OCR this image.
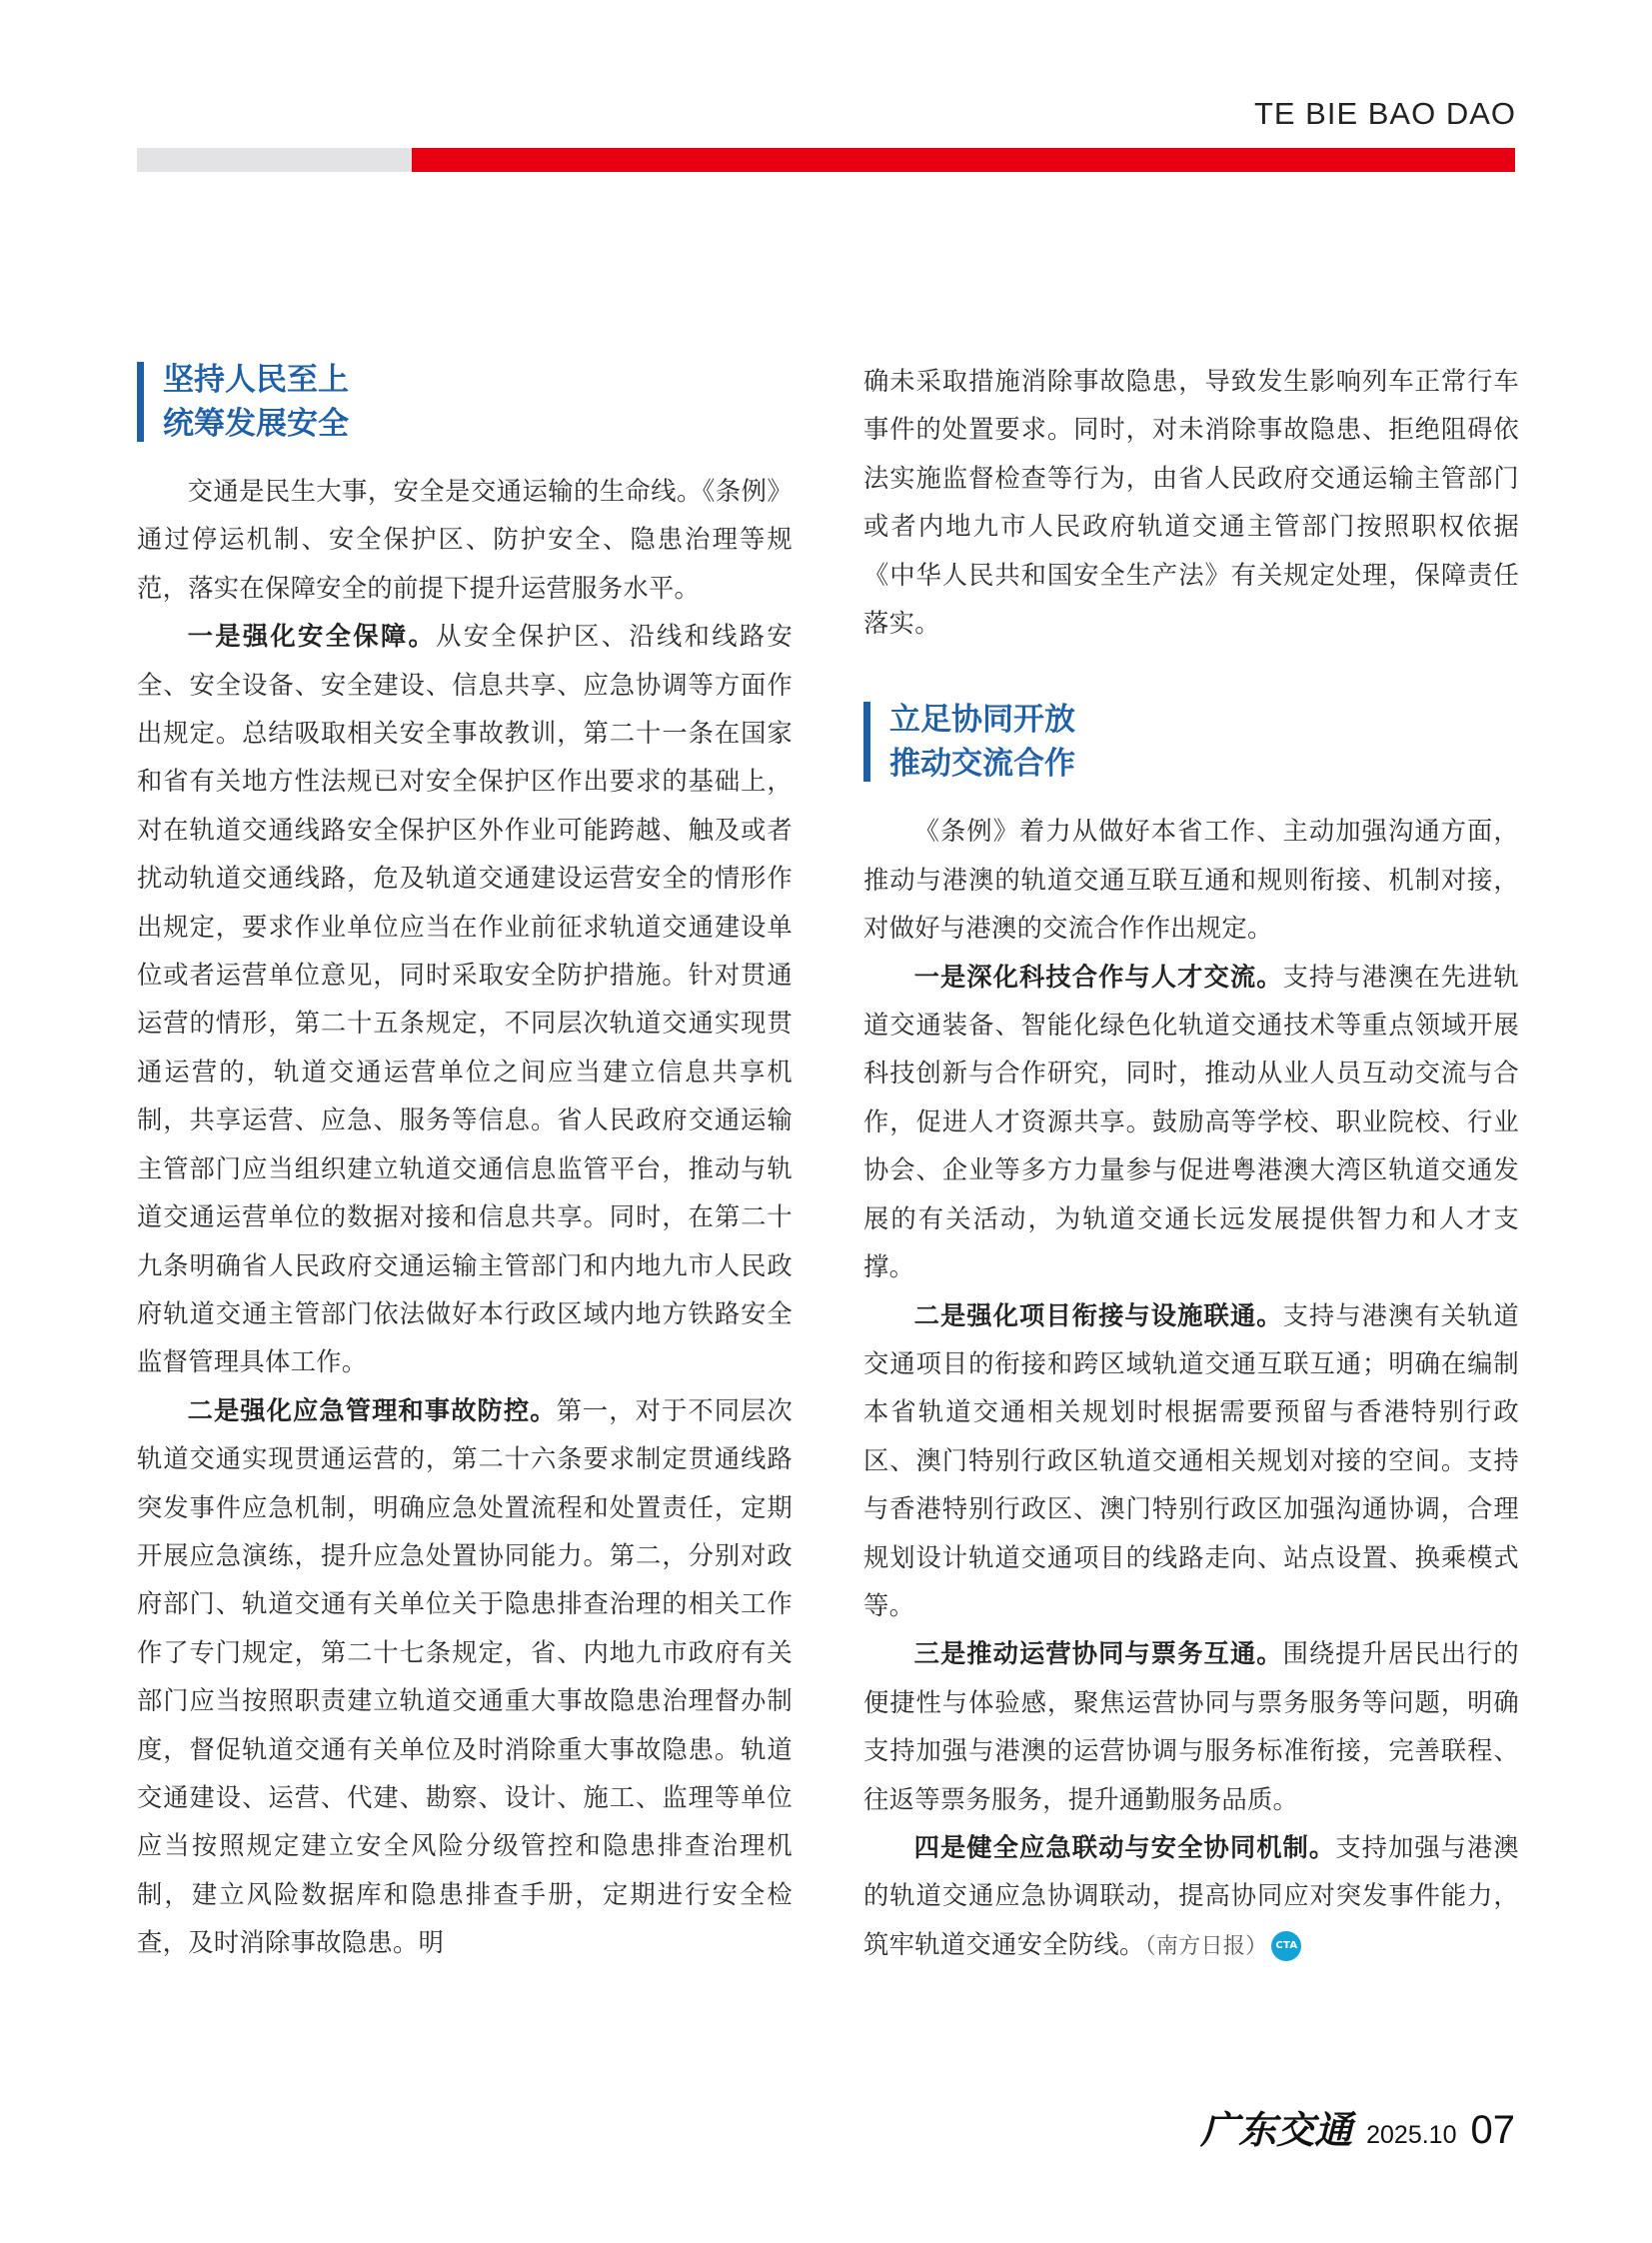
TE BIE BAO DAO
坚持人民至上
统筹发展安全

交通是民生大事，安全是交通运输的生命线。《条例》通过停运机制、安全保护区、防护安全、隐患治理等规范，落实在保障安全的前提下提升运营服务水平。

一是强化安全保障。从安全保护区、沿线和线路安全、安全设备、安全建设、信息共享、应急协调等方面作出规定。总结吸取相关安全事故教训，第二十一条在国家和省有关地方性法规已对安全保护区作出要求的基础上，对在轨道交通线路安全保护区外作业可能跨越、触及或者扰动轨道交通线路，危及轨道交通建设运营安全的情形作出规定，要求作业单位应当在作业前征求轨道交通建设单位或者运营单位意见，同时采取安全防护措施。针对贯通运营的情形，第二十五条规定，不同层次轨道交通实现贯通运营的，轨道交通运营单位之间应当建立信息共享机制，共享运营、应急、服务等信息。省人民政府交通运输主管部门应当组织建立轨道交通信息监管平台，推动与轨道交通运营单位的数据对接和信息共享。同时，在第二十九条明确省人民政府交通运输主管部门和内地九市人民政府轨道交通主管部门依法做好本行政区域内地方铁路安全监督管理具体工作。

二是强化应急管理和事故防控。第一，对于不同层次轨道交通实现贯通运营的，第二十六条要求制定贯通线路突发事件应急机制，明确应急处置流程和处置责任，定期开展应急演练，提升应急处置协同能力。第二，分别对政府部门、轨道交通有关单位关于隐患排查治理的相关工作作了专门规定，第二十七条规定，省、内地九市政府有关部门应当按照职责建立轨道交通重大事故隐患治理督办制度，督促轨道交通有关单位及时消除重大事故隐患。轨道交通建设、运营、代建、勘察、设计、施工、监理等单位应当按照规定建立安全风险分级管控和隐患排查治理机制，建立风险数据库和隐患排查手册，定期进行安全检查，及时消除事故隐患。明

确未采取措施消除事故隐患，导致发生影响列车正常行车事件的处置要求。同时，对未消除事故隐患、拒绝阻碍依法实施监督检查等行为，由省人民政府交通运输主管部门或者内地九市人民政府轨道交通主管部门按照职权依据《中华人民共和国安全生产法》有关规定处理，保障责任落实。

立足协同开放
推动交流合作

《条例》着力从做好本省工作、主动加强沟通方面，推动与港澳的轨道交通互联互通和规则衔接、机制对接，对做好与港澳的交流合作作出规定。

一是深化科技合作与人才交流。支持与港澳在先进轨道交通装备、智能化绿色化轨道交通技术等重点领域开展科技创新与合作研究，同时，推动从业人员互动交流与合作，促进人才资源共享。鼓励高等学校、职业院校、行业协会、企业等多方力量参与促进粤港澳大湾区轨道交通发展的有关活动，为轨道交通长远发展提供智力和人才支撑。

二是强化项目衔接与设施联通。支持与港澳有关轨道交通项目的衔接和跨区域轨道交通互联互通；明确在编制本省轨道交通相关规划时根据需要预留与香港特别行政区、澳门特别行政区轨道交通相关规划对接的空间。支持与香港特别行政区、澳门特别行政区加强沟通协调，合理规划设计轨道交通项目的线路走向、站点设置、换乘模式等。

三是推动运营协同与票务互通。围绕提升居民出行的便捷性与体验感，聚焦运营协同与票务服务等问题，明确支持加强与港澳的运营协调与服务标准衔接，完善联程、往返等票务服务，提升通勤服务品质。

四是健全应急联动与安全协同机制。支持加强与港澳的轨道交通应急协调联动，提高协同应对突发事件能力，筑牢轨道交通安全防线。（南方日报） CTA

广东交通 2025.10 07
